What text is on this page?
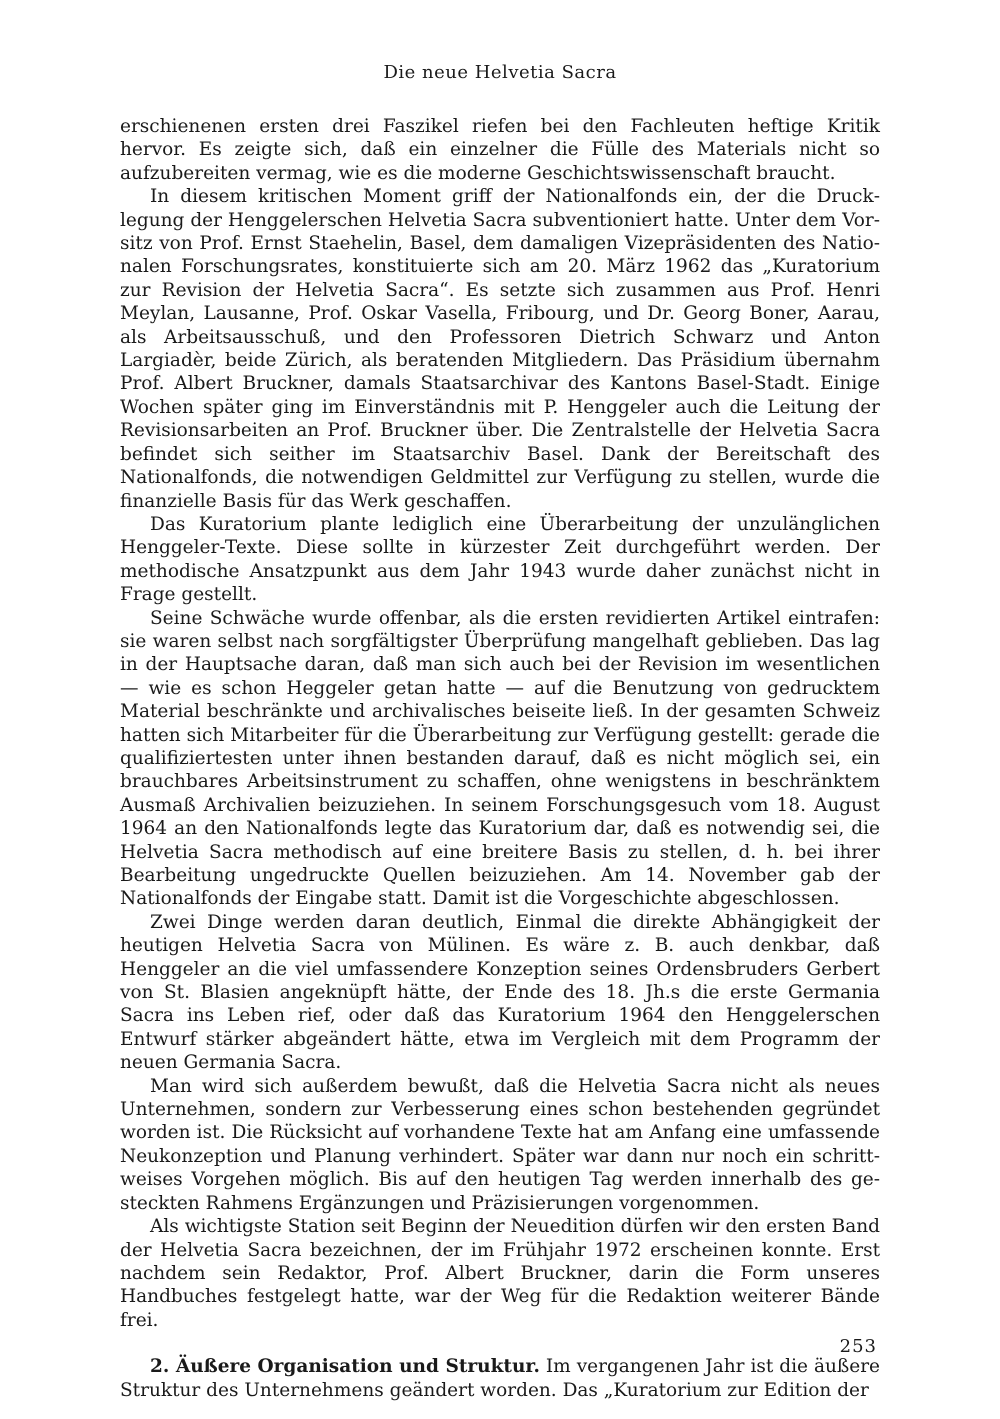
Die neue Helvetia Sacra

erschienenen ersten drei Faszikel riefen bei den Fachleuten heftige Kritik hervor. Es zeigte sich, daß ein einzelner die Fülle des Materials nicht so aufzubereiten vermag, wie es die moderne Geschichtswissenschaft braucht.

In diesem kritischen Moment griff der Nationalfonds ein, der die Drucklegung der Henggelerschen Helvetia Sacra subventioniert hatte. Unter dem Vorsitz von Prof. Ernst Staehelin, Basel, dem damaligen Vizepräsidenten des Nationalen Forschungsrates, konstituierte sich am 20. März 1962 das „Kuratorium zur Revision der Helvetia Sacra“. Es setzte sich zusammen aus Prof. Henri Meylan, Lausanne, Prof. Oskar Vasella, Fribourg, und Dr. Georg Boner, Aarau, als Arbeitsausschuß, und den Professoren Dietrich Schwarz und Anton Largiadèr, beide Zürich, als beratenden Mitgliedern. Das Präsidium übernahm Prof. Albert Bruckner, damals Staatsarchivar des Kantons Basel-Stadt. Einige Wochen später ging im Einverständnis mit P. Henggeler auch die Leitung der Revisionsarbeiten an Prof. Bruckner über. Die Zentralstelle der Helvetia Sacra befindet sich seither im Staatsarchiv Basel. Dank der Bereitschaft des Nationalfonds, die notwendigen Geldmittel zur Verfügung zu stellen, wurde die finanzielle Basis für das Werk geschaffen.

Das Kuratorium plante lediglich eine Überarbeitung der unzulänglichen Henggeler-Texte. Diese sollte in kürzester Zeit durchgeführt werden. Der methodische Ansatzpunkt aus dem Jahr 1943 wurde daher zunächst nicht in Frage gestellt.

Seine Schwäche wurde offenbar, als die ersten revidierten Artikel eintrafen: sie waren selbst nach sorgfältigster Überprüfung mangelhaft geblieben. Das lag in der Hauptsache daran, daß man sich auch bei der Revision im wesentlichen — wie es schon Heggeler getan hatte — auf die Benutzung von gedrucktem Material beschränkte und archivalisches beiseite ließ. In der gesamten Schweiz hatten sich Mitarbeiter für die Überarbeitung zur Verfügung gestellt: gerade die qualifiziertesten unter ihnen bestanden darauf, daß es nicht möglich sei, ein brauchbares Arbeitsinstrument zu schaffen, ohne wenigstens in beschränktem Ausmaß Archivalien beizuziehen. In seinem Forschungsgesuch vom 18. August 1964 an den Nationalfonds legte das Kuratorium dar, daß es notwendig sei, die Helvetia Sacra methodisch auf eine breitere Basis zu stellen, d. h. bei ihrer Bearbeitung ungedruckte Quellen beizuziehen. Am 14. November gab der Nationalfonds der Eingabe statt. Damit ist die Vorgeschichte abgeschlossen.

Zwei Dinge werden daran deutlich, Einmal die direkte Abhängigkeit der heutigen Helvetia Sacra von Mülinen. Es wäre z. B. auch denkbar, daß Henggeler an die viel umfassendere Konzeption seines Ordensbruders Gerbert von St. Blasien angeknüpft hätte, der Ende des 18. Jh.s die erste Germania Sacra ins Leben rief, oder daß das Kuratorium 1964 den Henggelerschen Entwurf stärker abgeändert hätte, etwa im Vergleich mit dem Programm der neuen Germania Sacra.

Man wird sich außerdem bewußt, daß die Helvetia Sacra nicht als neues Unternehmen, sondern zur Verbesserung eines schon bestehenden gegründet worden ist. Die Rücksicht auf vorhandene Texte hat am Anfang eine umfassende Neukonzeption und Planung verhindert. Später war dann nur noch ein schrittweises Vorgehen möglich. Bis auf den heutigen Tag werden innerhalb des gesteckten Rahmens Ergänzungen und Präzisierungen vorgenommen.

Als wichtigste Station seit Beginn der Neuedition dürfen wir den ersten Band der Helvetia Sacra bezeichnen, der im Frühjahr 1972 erscheinen konnte. Erst nachdem sein Redaktor, Prof. Albert Bruckner, darin die Form unseres Handbuches festgelegt hatte, war der Weg für die Redaktion weiterer Bände frei.

2. Äußere Organisation und Struktur. Im vergangenen Jahr ist die äußere Struktur des Unternehmens geändert worden. Das „Kuratorium zur Edition der

253
